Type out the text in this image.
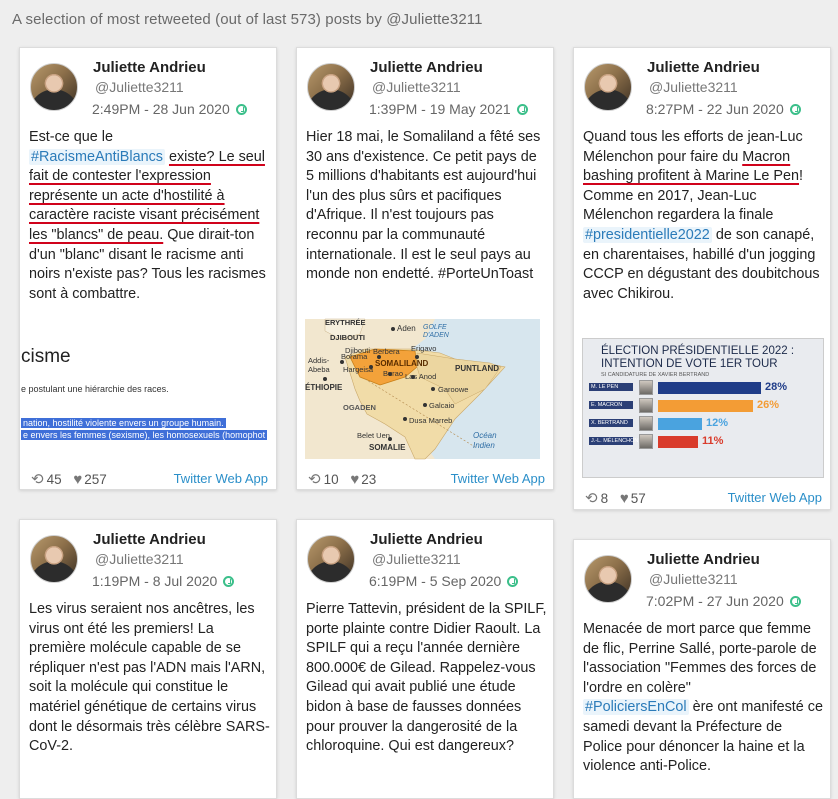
A selection of most retweeted (out of last 573) posts by @Juliette3211
Juliette Andrieu
@Juliette3211
2:49PM - 28 Jun 2020
Est-ce que le
#RacismeAntiBlancs existe? Le seul fait de contester l'expression représente un acte d'hostilité à caractère raciste visant précisément les "blancs" de peau. Que dirait-ton d'un "blanc" disant le racisme anti noirs n'existe pas? Tous les racismes sont à combattre.
cisme
e postulant une hiérarchie des races.
nation, hostilité violente envers un groupe humain.
e envers les femmes (sexisme), les homosexuels (homophot
⟲ 45 ♥ 257	Twitter Web App
Juliette Andrieu
@Juliette3211
1:39PM - 19 May 2021
Hier 18 mai, le Somaliland a fêté ses 30 ans d'existence. Ce petit pays de 5 millions d'habitants est aujourd'hui l'un des plus sûrs et pacifiques d'Afrique. Il n'est toujours pas reconnu par la communauté internationale. Il est le seul pays au monde non endetté. #PorteUnToast
ERYTHRÉE
Aden GOLFE D'ADEN
DJIBOUTI
Djibouti Berbera Erigavo
Borama
Hargeisa Burao
SOMALILAND
Las Anod
PUNTLAND
Addis-Abeba
Garoowe
ÉTHIOPIE
OGADEN	Galcaio
Dusa Marreb
Belet Uen	Océan
Indien
SOMALIE
⟲ 10 ♥ 23	Twitter Web App
Juliette Andrieu
@Juliette3211
8:27PM - 22 Jun 2020
Quand tous les efforts de jean-Luc Mélenchon pour faire du Macron bashing profitent à Marine Le Pen! Comme en 2017, Jean-Luc Mélenchon regardera la finale #presidentielle2022 de son canapé, en charentaises, habillé d'un jogging CCCP en dégustant des doubitchous avec Chikirou.
ÉLECTION PRÉSIDENTIELLE 2022 :
INTENTION DE VOTE 1ER TOUR
SI CANDIDATURE DE XAVIER BERTRAND
M. LE PEN	28%
E. MACRON	26%
X. BERTRAND	12%
J.-L. MÉLENCHON	11%
⟲ 8 ♥ 57	Twitter Web App
Juliette Andrieu
@Juliette3211
1:19PM - 8 Jul 2020
Les virus seraient nos ancêtres, les virus ont été les premiers! La première molécule capable de se répliquer n'est pas l'ADN mais l'ARN, soit la molécule qui constitue le matériel génétique de certains virus dont le désormais très célèbre SARS-CoV-2.
Juliette Andrieu
@Juliette3211
6:19PM - 5 Sep 2020
Pierre Tattevin, président de la SPILF, porte plainte contre Didier Raoult. La SPILF qui a reçu l'année dernière 800.000€ de Gilead. Rappelez-vous Gilead qui avait publié une étude bidon à base de fausses données pour prouver la dangerosité de la chloroquine. Qui est dangereux?
Juliette Andrieu
@Juliette3211
7:02PM - 27 Jun 2020
Menacée de mort parce que femme de flic, Perrine Sallé, porte-parole de l'association "Femmes des forces de l'ordre en colère"
#PoliciersEnCol ère ont manifesté ce samedi devant la Préfecture de Police pour dénoncer la haine et la violence anti-Police.
